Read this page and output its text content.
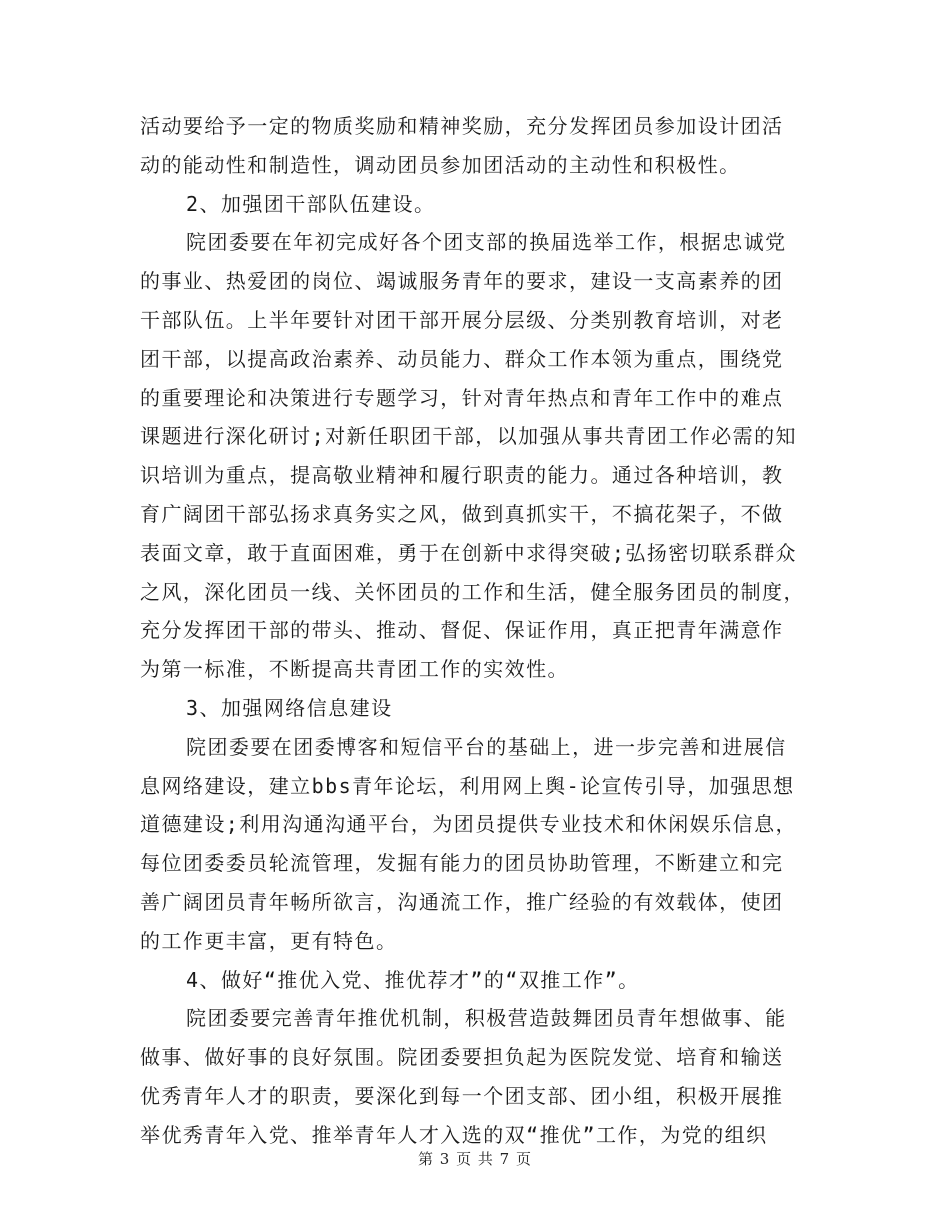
活动要给予一定的物质奖励和精神奖励，充分发挥团员参加设计团活
动的能动性和制造性，调动团员参加团活动的主动性和积极性。
2、加强团干部队伍建设。
院团委要在年初完成好各个团支部的换届选举工作，根据忠诚党
的事业、热爱团的岗位、竭诚服务青年的要求，建设一支高素养的团
干部队伍。上半年要针对团干部开展分层级、分类别教育培训，对老
团干部，以提高政治素养、动员能力、群众工作本领为重点，围绕党
的重要理论和决策进行专题学习，针对青年热点和青年工作中的难点
课题进行深化研讨;对新任职团干部，以加强从事共青团工作必需的知
识培训为重点，提高敬业精神和履行职责的能力。通过各种培训，教
育广阔团干部弘扬求真务实之风，做到真抓实干，不搞花架子，不做
表面文章，敢于直面困难，勇于在创新中求得突破;弘扬密切联系群众
之风，深化团员一线、关怀团员的工作和生活，健全服务团员的制度，
充分发挥团干部的带头、推动、督促、保证作用，真正把青年满意作
为第一标准，不断提高共青团工作的实效性。
3、加强网络信息建设
院团委要在团委博客和短信平台的基础上，进一步完善和进展信
息网络建设，建立bbs青年论坛，利用网上舆-论宣传引导，加强思想
道德建设;利用沟通沟通平台，为团员提供专业技术和休闲娱乐信息，
每位团委委员轮流管理，发掘有能力的团员协助管理，不断建立和完
善广阔团员青年畅所欲言，沟通流工作，推广经验的有效载体，使团
的工作更丰富，更有特色。
4、做好“推优入党、推优荐才”的“双推工作”。
院团委要完善青年推优机制，积极营造鼓舞团员青年想做事、能
做事、做好事的良好氛围。院团委要担负起为医院发觉、培育和输送
优秀青年人才的职责，要深化到每一个团支部、团小组，积极开展推
举优秀青年入党、推举青年人才入选的双“推优”工作，为党的组织
第 3 页 共 7 页
